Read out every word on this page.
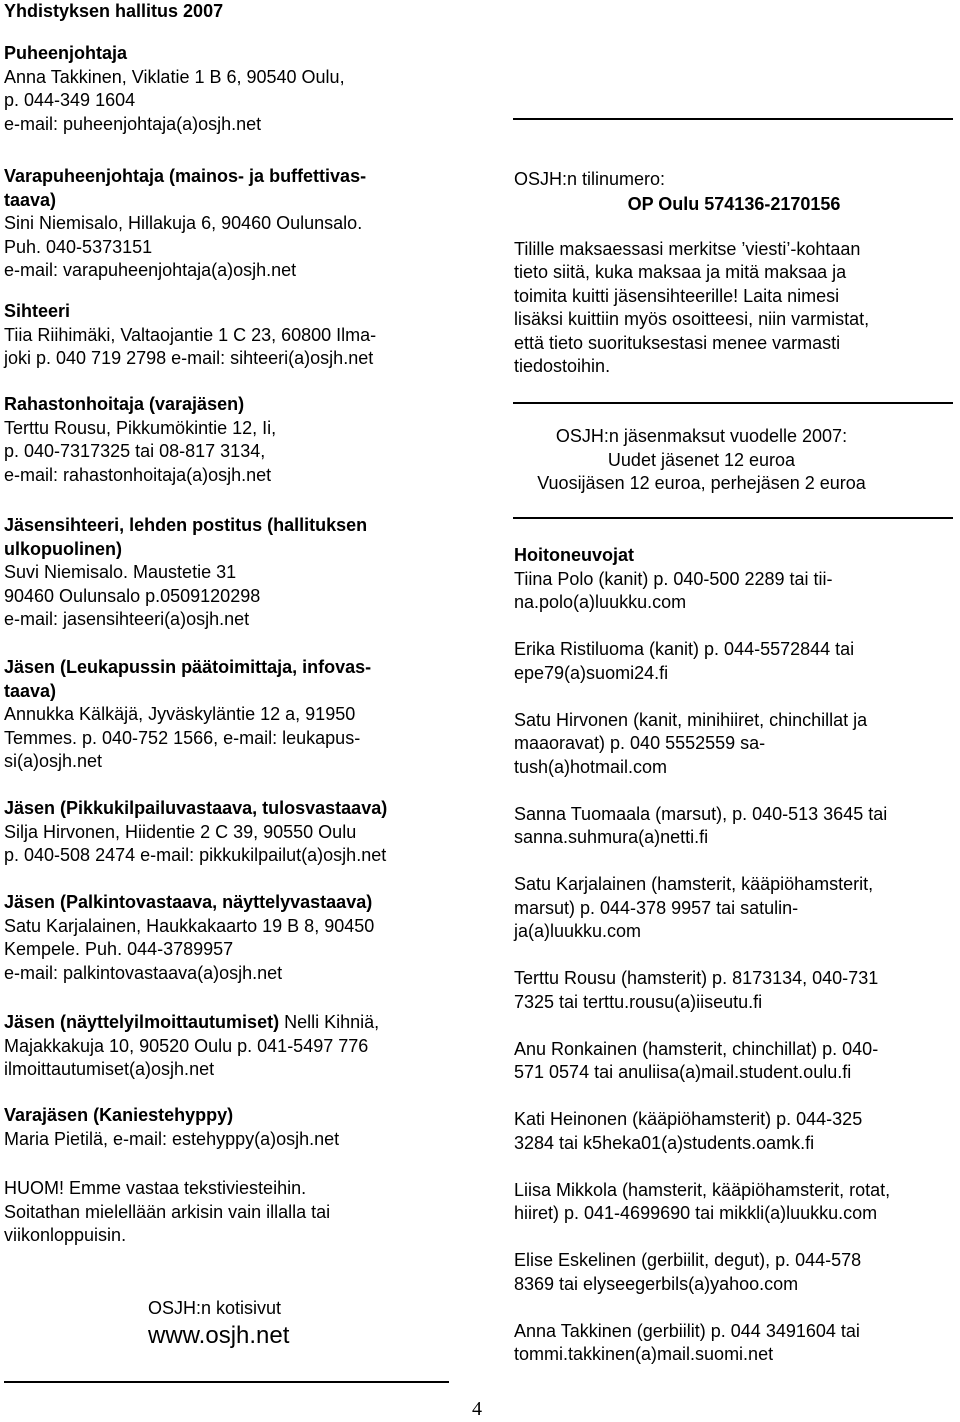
Yhdistyksen hallitus 2007
Puheenjohtaja
Anna Takkinen, Viklatie 1 B 6, 90540 Oulu,
p. 044-349 1604
e-mail: puheenjohtaja(a)osjh.net
Varapuheenjohtaja (mainos- ja buffettivas-
taava)
Sini Niemisalo, Hillakuja 6, 90460 Oulunsalo.
Puh. 040-5373151
e-mail: varapuheenjohtaja(a)osjh.net
Sihteeri
Tiia Riihimäki, Valtaojantie 1 C 23, 60800 Ilma-
joki p. 040 719 2798 e-mail: sihteeri(a)osjh.net
Rahastonhoitaja (varajäsen)
Terttu Rousu, Pikkumökintie 12, Ii,
p. 040-7317325 tai 08-817 3134,
e-mail: rahastonhoitaja(a)osjh.net
Jäsensihteeri, lehden postitus (hallituksen
ulkopuolinen)
Suvi Niemisalo. Maustetie 31
90460 Oulunsalo p.0509120298
e-mail: jasensihteeri(a)osjh.net
Jäsen (Leukapussin päätoimittaja, infovas-
taava)
Annukka Kälkäjä, Jyväskyläntie 12 a, 91950
Temmes. p. 040-752 1566, e-mail: leukapus-
si(a)osjh.net
Jäsen (Pikkukilpailuvastaava, tulosvastaava)
Silja Hirvonen, Hiidentie 2 C 39, 90550 Oulu
p. 040-508 2474 e-mail: pikkukilpailut(a)osjh.net
Jäsen (Palkintovastaava, näyttelyvastaava)
Satu Karjalainen, Haukkakaarto 19 B 8, 90450
Kempele. Puh. 044-3789957
e-mail: palkintovastaava(a)osjh.net
Jäsen (näyttelyilmoittautumiset) Nelli Kihniä,
Majakkakuja 10, 90520 Oulu p. 041-5497 776
ilmoittautumiset(a)osjh.net
Varajäsen (Kaniestehyppy)
Maria Pietilä, e-mail: estehyppy(a)osjh.net
HUOM! Emme vastaa tekstiviesteihin.
Soitathan mielellään arkisin vain illalla tai
viikonloppuisin.
OSJH:n kotisivut
www.osjh.net
OSJH:n tilinumero:
OP Oulu 574136-2170156
Tilille maksaessasi merkitse ’viesti’-kohtaan
tieto siitä, kuka maksaa ja mitä maksaa ja
toimita kuitti jäsensihteerille! Laita nimesi
lisäksi kuittiin myös osoitteesi, niin varmistat,
että tieto suorituksestasi menee varmasti
tiedostoihin.
OSJH:n jäsenmaksut vuodelle 2007:
Uudet jäsenet 12 euroa
Vuosijäsen 12 euroa, perhejäsen 2 euroa
Hoitoneuvojat
Tiina Polo (kanit) p. 040-500 2289 tai tii-
na.polo(a)luukku.com
Erika Ristiluoma (kanit) p. 044-5572844 tai
epe79(a)suomi24.fi
Satu Hirvonen (kanit, minihiiret, chinchillat ja
maaoravat) p. 040 5552559 sa-
tush(a)hotmail.com
Sanna Tuomaala (marsut), p. 040-513 3645 tai
sanna.suhmura(a)netti.fi
Satu Karjalainen (hamsterit, kääpiöhamsterit,
marsut) p. 044-378 9957 tai satulin-
ja(a)luukku.com
Terttu Rousu (hamsterit) p. 8173134, 040-731
7325 tai terttu.rousu(a)iiseutu.fi
Anu Ronkainen (hamsterit, chinchillat) p. 040-
571 0574 tai anuliisa(a)mail.student.oulu.fi
Kati Heinonen (kääpiöhamsterit) p. 044-325
3284 tai k5heka01(a)students.oamk.fi
Liisa Mikkola (hamsterit, kääpiöhamsterit, rotat,
hiiret) p. 041-4699690 tai mikkli(a)luukku.com
Elise Eskelinen (gerbiilit, degut), p. 044-578
8369 tai elyseegerbils(a)yahoo.com
Anna Takkinen (gerbiilit) p. 044 3491604 tai
tommi.takkinen(a)mail.suomi.net
4
